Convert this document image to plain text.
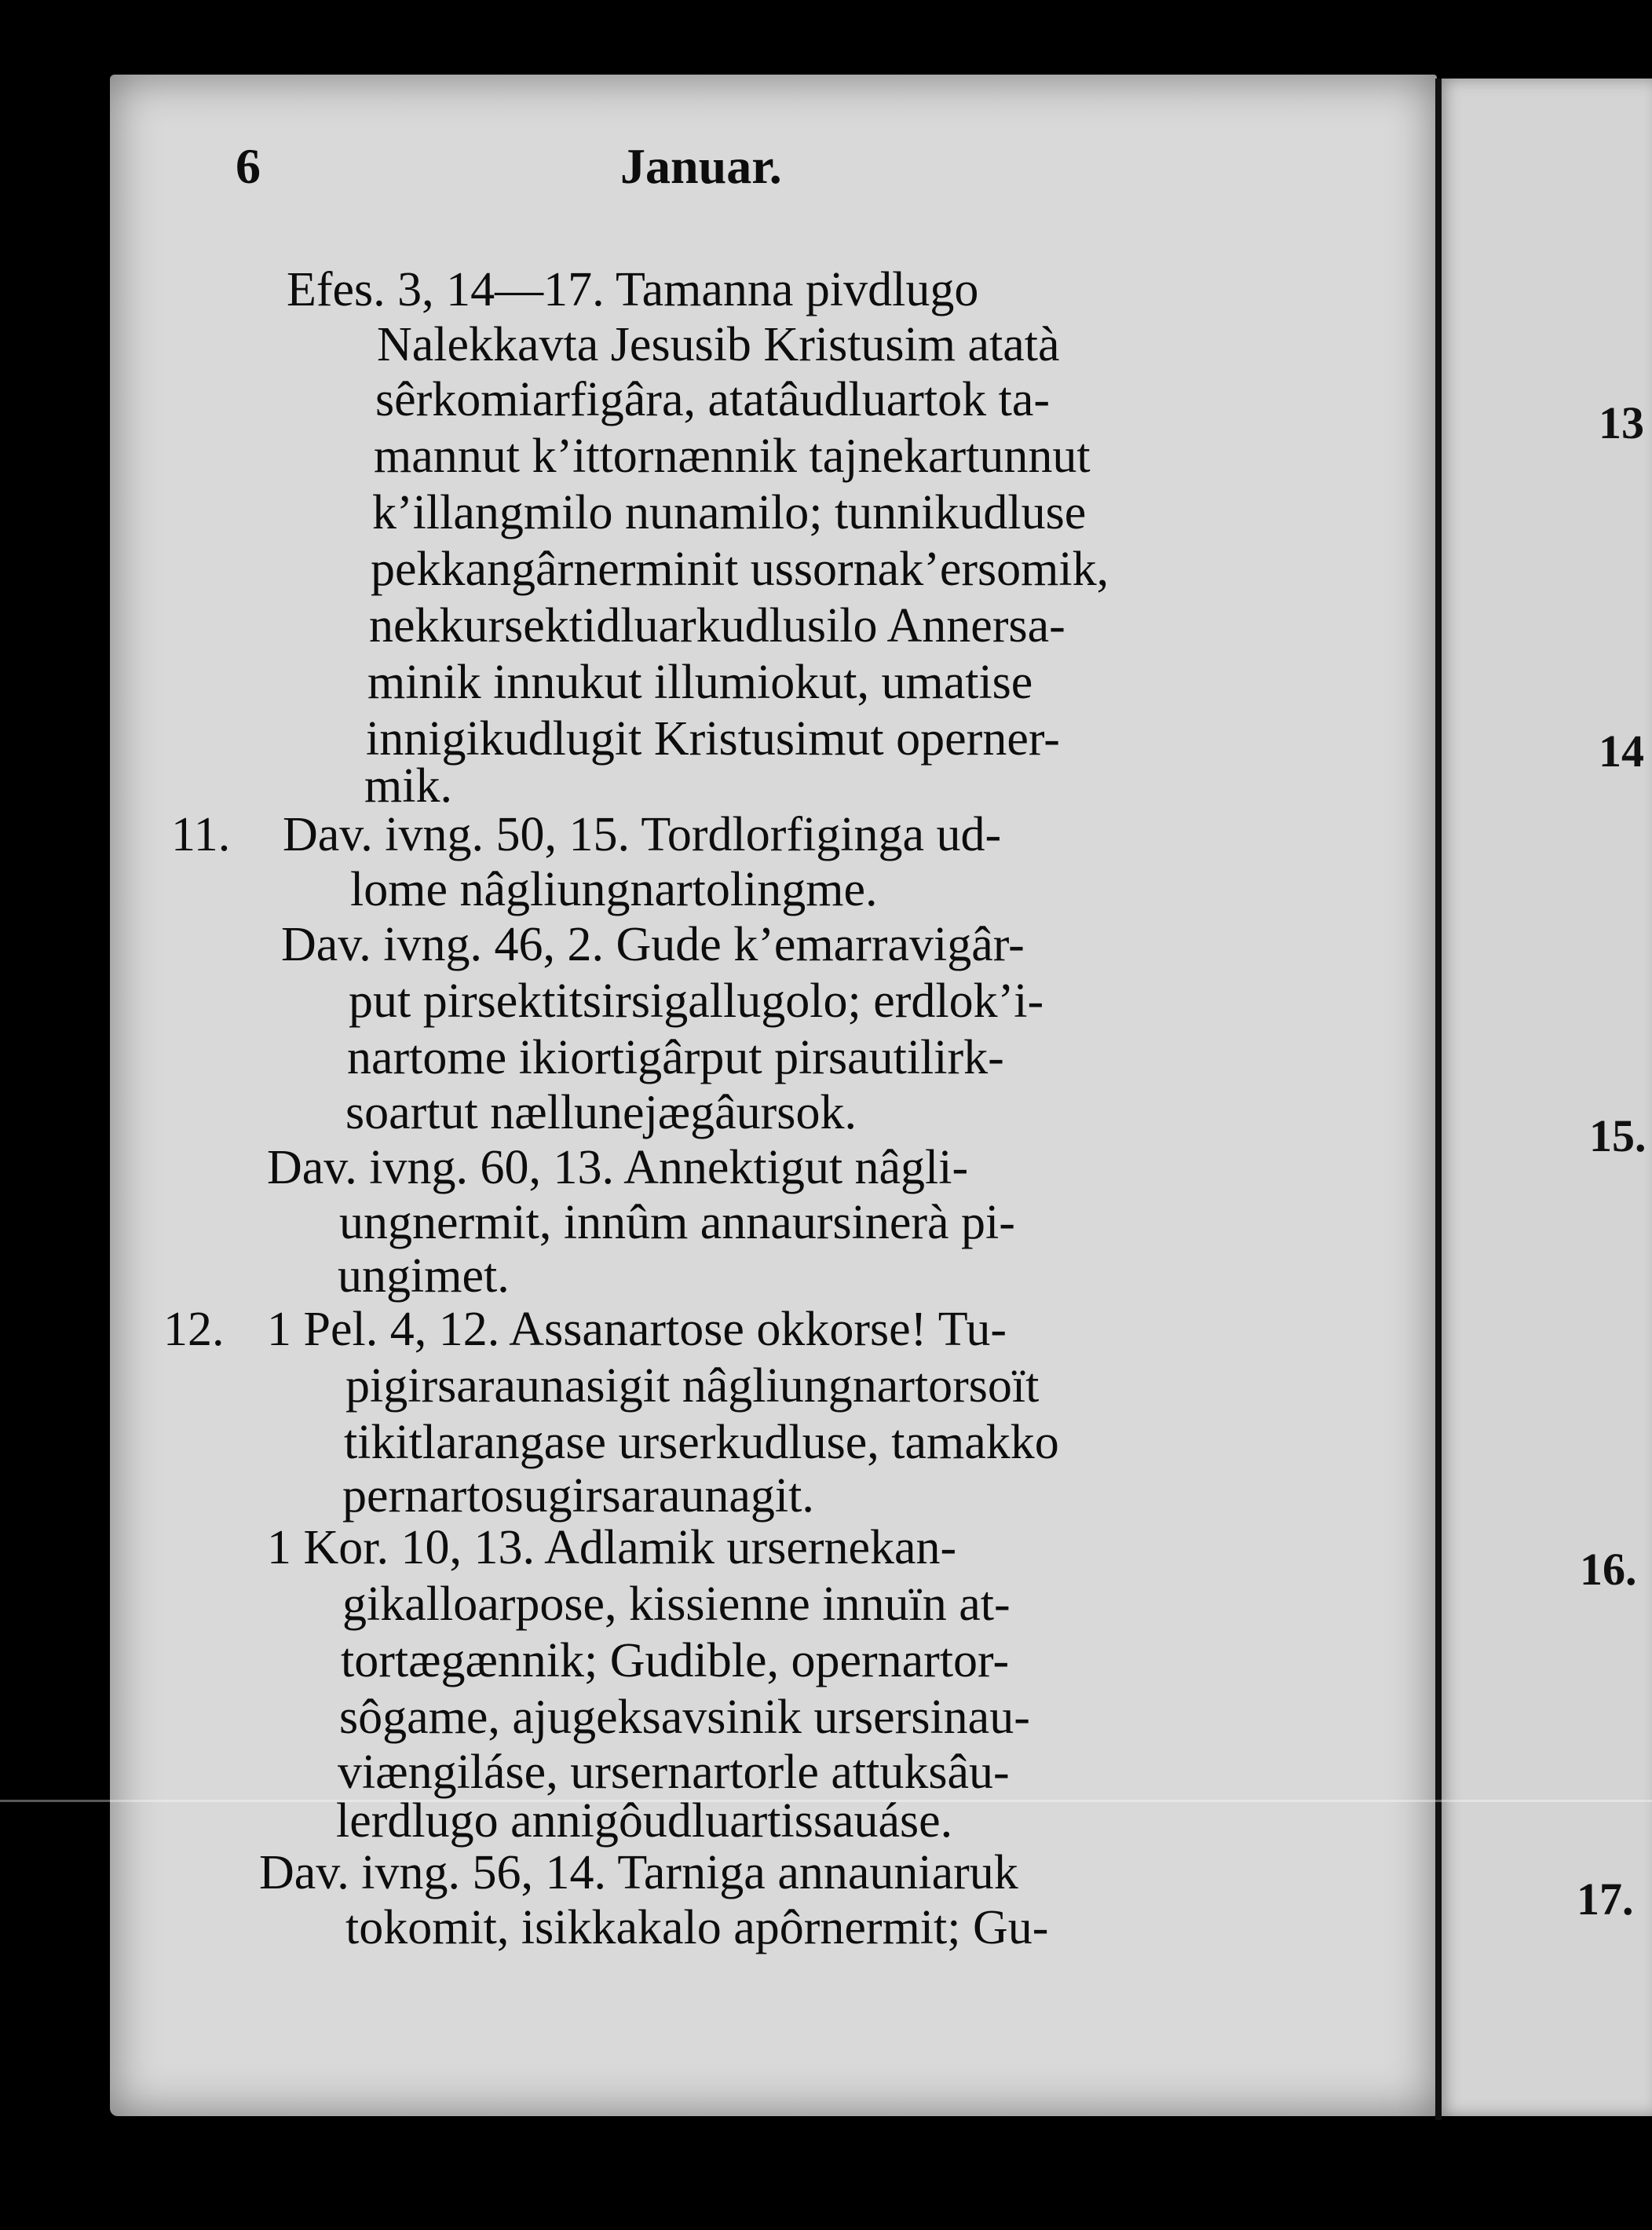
6	Januar.
Efes. 3, 14—17. Tamanna pivdlugo
Nalekkavta Jesusib Kristusim atatà
sêrkomiarfigâra, atatâudluartok ta-
mannut k’ittornænnik tajnekartunnut
k’illangmilo nunamilo; tunnikudluse
pekkangârnerminit ussornak’ersomik,
nekkursektidluarkudlusilo Annersa-
minik innukut illumiokut, umatise
innigikudlugit Kristusimut operner-
mik.
Dav. ivng. 50, 15. Tordlorfiginga ud-
lome nâgliungnartolingme.
Dav. ivng. 46, 2. Gude k’emarravigâr-
put pirsektitsirsigallugolo; erdlok’i-
nartome ikiortigârput pirsautilirk-
soartut nællunejægâursok.
Dav. ivng. 60, 13. Annektigut nâgli-
ungnermit, innûm annaursinerà pi-
ungimet.
1 Pel. 4, 12. Assanartose okkorse! Tu-
pigirsaraunasigit nâgliungnartorsoït
tikitlarangase urserkudluse, tamakko
pernartosugirsaraunagit.
1 Kor. 10, 13. Adlamik ursernekan-
gikalloarpose, kissienne innuïn at-
tortægænnik; Gudible, opernartor-
sôgame, ajugeksavsinik ursersinau-
viængiláse, ursernartorle attuksâu-
lerdlugo annigôudluartissauáse.
Dav. ivng. 56, 14. Tarniga annauniaruk
tokomit, isikkakalo apôrnermit; Gu-
11.
12.
13
14
15.
16.
17.
